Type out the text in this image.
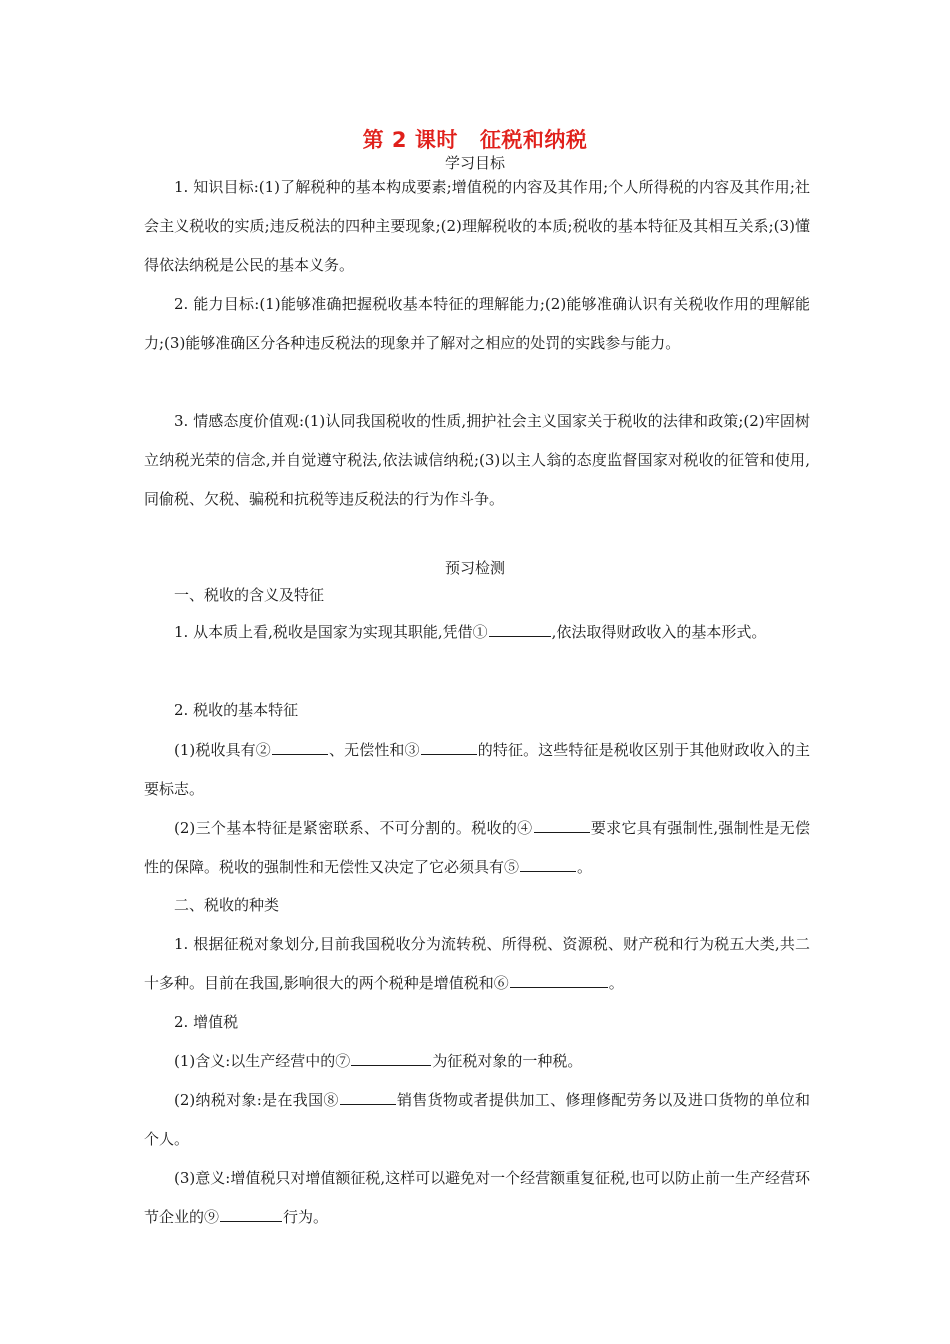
第 2 课时 征税和纳税
学习目标
1. 知识目标:(1)了解税种的基本构成要素;增值税的内容及其作用;个人所得税的内容及其作用;社会主义税收的实质;违反税法的四种主要现象;(2)理解税收的本质;税收的基本特征及其相互关系;(3)懂得依法纳税是公民的基本义务。
2. 能力目标:(1)能够准确把握税收基本特征的理解能力;(2)能够准确认识有关税收作用的理解能力;(3)能够准确区分各种违反税法的现象并了解对之相应的处罚的实践参与能力。
3. 情感态度价值观:(1)认同我国税收的性质,拥护社会主义国家关于税收的法律和政策;(2)牢固树立纳税光荣的信念,并自觉遵守税法,依法诚信纳税;(3)以主人翁的态度监督国家对税收的征管和使用,同偷税、欠税、骗税和抗税等违反税法的行为作斗争。
预习检测
一、税收的含义及特征
1. 从本质上看,税收是国家为实现其职能,凭借①	,依法取得财政收入的基本形式。
2. 税收的基本特征
(1)税收具有②	、无偿性和③	的特征。这些特征是税收区别于其他财政收入的主要标志。
(2)三个基本特征是紧密联系、不可分割的。税收的④	要求它具有强制性,强制性是无偿性的保障。税收的强制性和无偿性又决定了它必须具有⑤	。
二、税收的种类
1. 根据征税对象划分,目前我国税收分为流转税、所得税、资源税、财产税和行为税五大类,共二十多种。目前在我国,影响很大的两个税种是增值税和⑥	。
2. 增值税
(1)含义:以生产经营中的⑦	为征税对象的一种税。
(2)纳税对象:是在我国⑧	销售货物或者提供加工、修理修配劳务以及进口货物的单位和个人。
(3)意义:增值税只对增值额征税,这样可以避免对一个经营额重复征税,也可以防止前一生产经营环节企业的⑨	行为。
